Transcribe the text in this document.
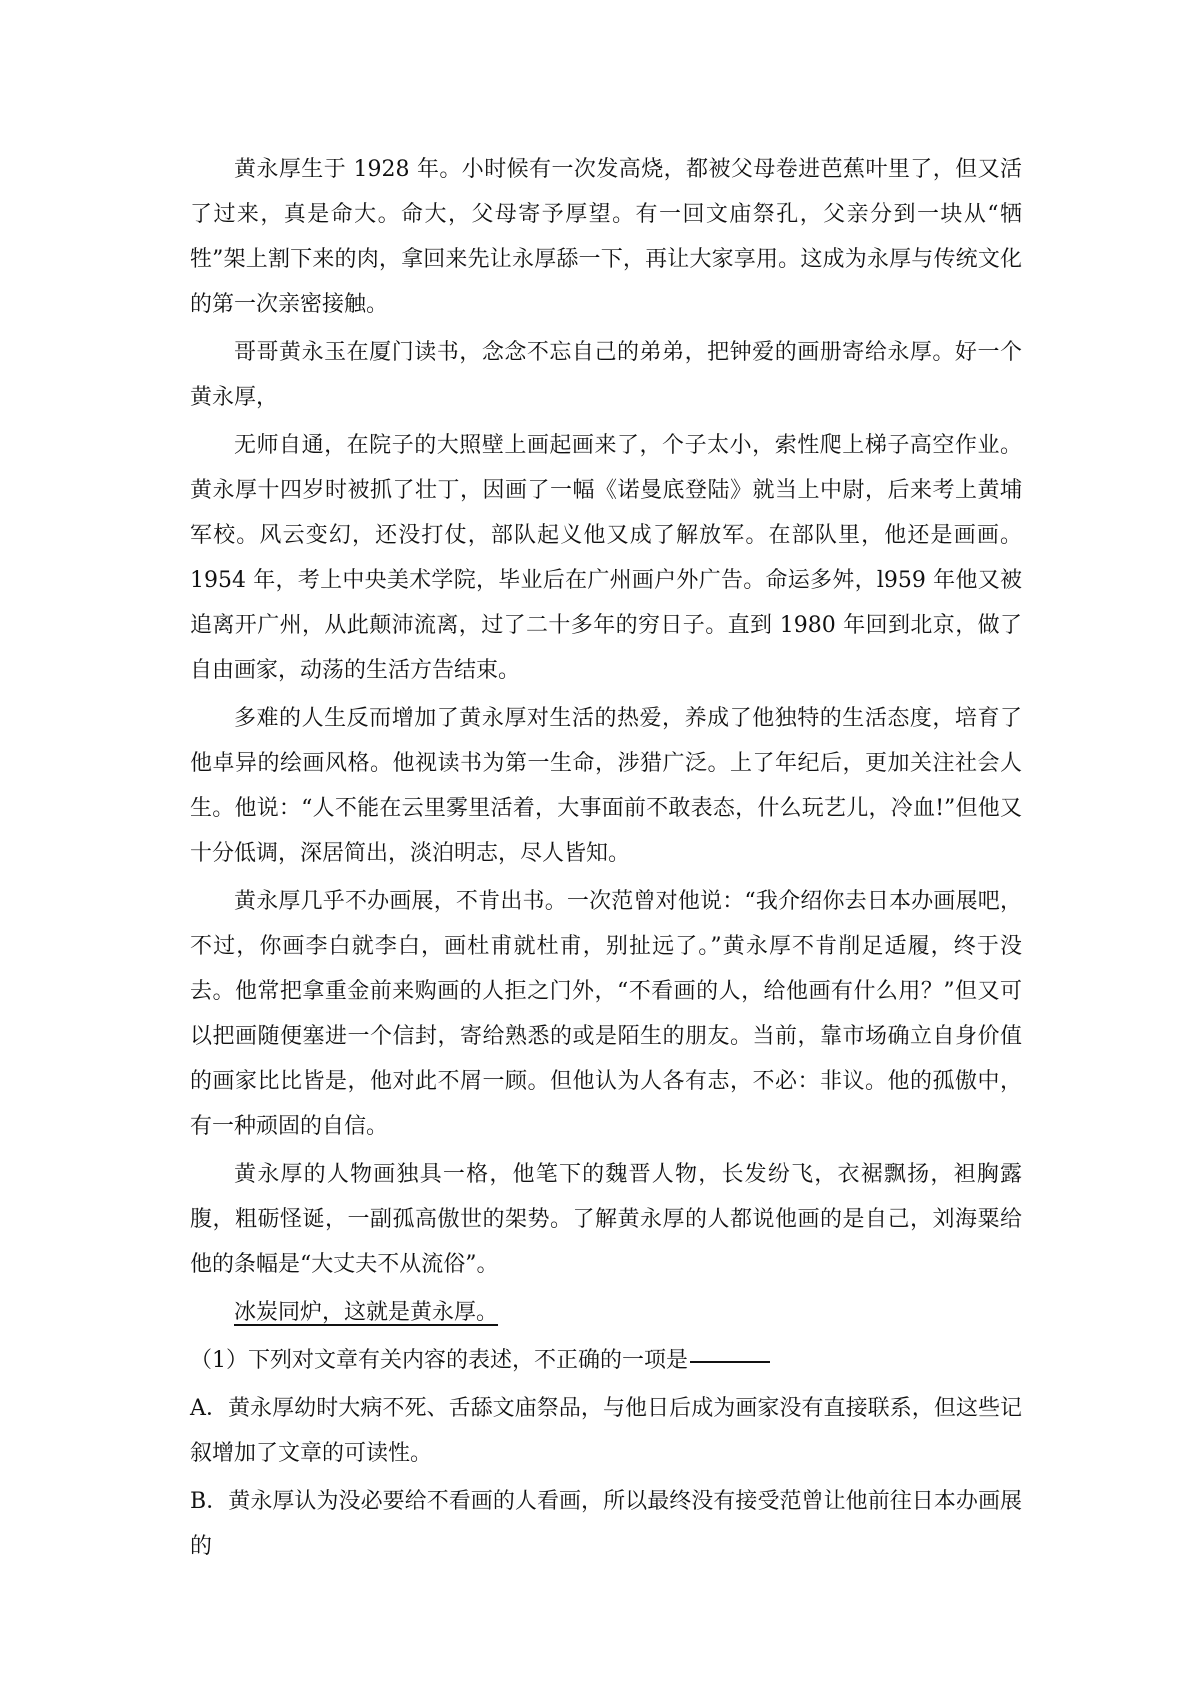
黄永厚生于 1928 年。小时候有一次发高烧，都被父母卷进芭蕉叶里了，但又活了过来，真是命大。命大，父母寄予厚望。有一回文庙祭孔，父亲分到一块从“牺牲”架上割下来的肉，拿回来先让永厚舔一下，再让大家享用。这成为永厚与传统文化的第一次亲密接触。

哥哥黄永玉在厦门读书，念念不忘自己的弟弟，把钟爱的画册寄给永厚。好一个黄永厚，

无师自通，在院子的大照壁上画起画来了，个子太小，索性爬上梯子高空作业。黄永厚十四岁时被抓了壮丁，因画了一幅《诺曼底登陆》就当上中尉，后来考上黄埔军校。风云变幻，还没打仗，部队起义他又成了解放军。在部队里，他还是画画。1954 年，考上中央美术学院，毕业后在广州画户外广告。命运多舛，l959 年他又被追离开广州，从此颠沛流离，过了二十多年的穷日子。直到 1980 年回到北京，做了自由画家，动荡的生活方告结束。

多难的人生反而增加了黄永厚对生活的热爱，养成了他独特的生活态度，培育了他卓异的绘画风格。他视读书为第一生命，涉猎广泛。上了年纪后，更加关注社会人生。他说：“人不能在云里雾里活着，大事面前不敢表态，什么玩艺儿，冷血!”但他又十分低调，深居简出，淡泊明志，尽人皆知。

黄永厚几乎不办画展，不肯出书。一次范曾对他说：“我介绍你去日本办画展吧，不过，你画李白就李白，画杜甫就杜甫，别扯远了。”黄永厚不肯削足适履，终于没去。他常把拿重金前来购画的人拒之门外，“不看画的人，给他画有什么用？”但又可以把画随便塞进一个信封，寄给熟悉的或是陌生的朋友。当前，靠市场确立自身价值的画家比比皆是，他对此不屑一顾。但他认为人各有志，不必：非议。他的孤傲中，有一种顽固的自信。

黄永厚的人物画独具一格，他笔下的魏晋人物，长发纷飞，衣裾飘扬，袒胸露腹，粗砺怪诞，一副孤高傲世的架势。了解黄永厚的人都说他画的是自己，刘海粟给他的条幅是“大丈夫不从流俗”。

冰炭同炉，这就是黄永厚。

（1）下列对文章有关内容的表述，不正确的一项是

A．黄永厚幼时大病不死、舌舔文庙祭品，与他日后成为画家没有直接联系，但这些记叙增加了文章的可读性。

B．黄永厚认为没必要给不看画的人看画，所以最终没有接受范曾让他前往日本办画展的
